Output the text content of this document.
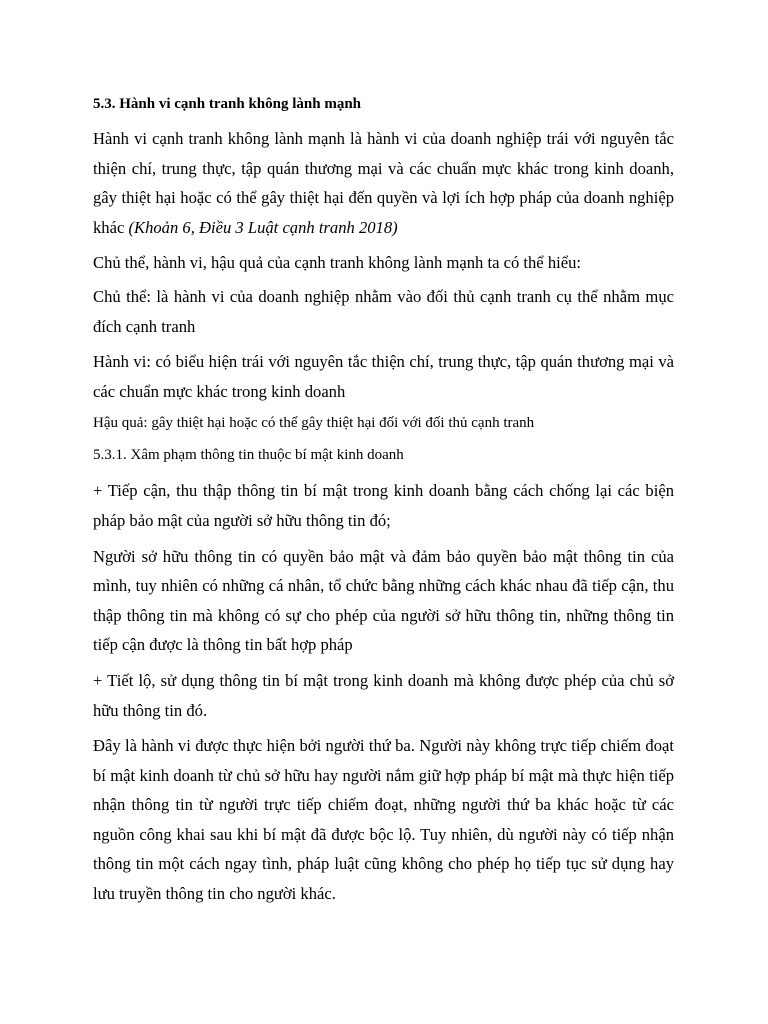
5.3. Hành vi cạnh tranh không lành mạnh

Hành vi cạnh tranh không lành mạnh là hành vi của doanh nghiệp trái với nguyên tắc thiện chí, trung thực, tập quán thương mại và các chuẩn mực khác trong kinh doanh, gây thiệt hại hoặc có thể gây thiệt hại đến quyền và lợi ích hợp pháp của doanh nghiệp khác (Khoản 6, Điều 3 Luật cạnh tranh 2018)

Chủ thể, hành vi, hậu quả của cạnh tranh không lành mạnh ta có thể hiểu:

Chủ thể: là hành vi của doanh nghiệp nhằm vào đối thủ cạnh tranh cụ thể nhằm mục đích cạnh tranh

Hành vi: có biểu hiện trái với nguyên tắc thiện chí, trung thực, tập quán thương mại và các chuẩn mực khác trong kinh doanh

Hậu quả: gây thiệt hại hoặc có thể gây thiệt hại đối với đối thủ cạnh tranh

5.3.1. Xâm phạm thông tin thuộc bí mật kinh doanh

+ Tiếp cận, thu thập thông tin bí mật trong kinh doanh bằng cách chống lại các biện pháp bảo mật của người sở hữu thông tin đó;

Người sở hữu thông tin có quyền bảo mật và đảm bảo quyền bảo mật thông tin của mình, tuy nhiên có những cá nhân, tổ chức bằng những cách khác nhau đã tiếp cận, thu thập thông tin mà không có sự cho phép của người sở hữu thông tin, những thông tin tiếp cận được là thông tin bất hợp pháp

+ Tiết lộ, sử dụng thông tin bí mật trong kinh doanh mà không được phép của chủ sở hữu thông tin đó.

Đây là hành vi được thực hiện bởi người thứ ba. Người này không trực tiếp chiếm đoạt bí mật kinh doanh từ chủ sở hữu hay người nắm giữ hợp pháp bí mật mà thực hiện tiếp nhận thông tin từ người trực tiếp chiếm đoạt, những người thứ ba khác hoặc từ các nguồn công khai sau khi bí mật đã được bộc lộ. Tuy nhiên, dù người này có tiếp nhận thông tin một cách ngay tình, pháp luật cũng không cho phép họ tiếp tục sử dụng hay lưu truyền thông tin cho người khác.
